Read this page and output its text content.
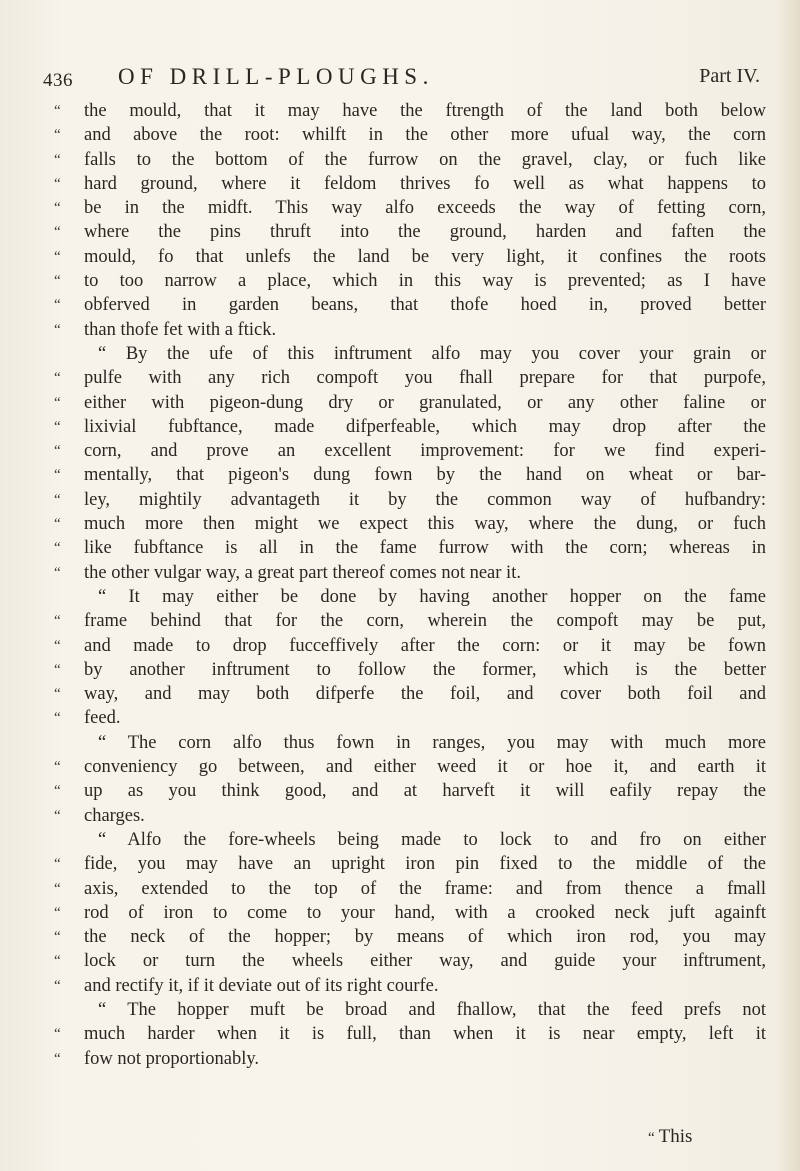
436 OF DRILL-PLOUGHS.	Part IV.
“	the mould, that it may have the ftrength of the land both below
“	and above the root: whilft in the other more ufual way, the corn
“	falls to the bottom of the furrow on the gravel, clay, or fuch like
“	hard ground, where it feldom thrives fo well as what happens to
“	be in the midft. This way alfo exceeds the way of fetting corn,
“	where the pins thruft into the ground, harden and faften the
“	mould, fo that unlefs the land be very light, it confines the roots
“	to too narrow a place, which in this way is prevented; as I have
“	obferved in garden beans, that thofe hoed in, proved better
“	than thofe fet with a ftick.
“ By the ufe of this inftrument alfo may you cover your grain or
“	pulfe with any rich compoft you fhall prepare for that purpofe,
“	either with pigeon-dung dry or granulated, or any other faline or
“	lixivial fubftance, made difperfeable, which may drop after the
“	corn, and prove an excellent improvement: for we find experi-
“	mentally, that pigeon's dung fown by the hand on wheat or bar-
“	ley, mightily advantageth it by the common way of hufbandry:
“	much more then might we expect this way, where the dung, or fuch
“	like fubftance is all in the fame furrow with the corn; whereas in
“	the other vulgar way, a great part thereof comes not near it.
“ It may either be done by having another hopper on the fame
“	frame behind that for the corn, wherein the compoft may be put,
“	and made to drop fucceffively after the corn: or it may be fown
“	by another inftrument to follow the former, which is the better
“	way, and may both difperfe the foil, and cover both foil and
“	feed.
“ The corn alfo thus fown in ranges, you may with much more
“	conveniency go between, and either weed it or hoe it, and earth it
“	up as you think good, and at harveft it will eafily repay the
“	charges.
“ Alfo the fore-wheels being made to lock to and fro on either
“	fide, you may have an upright iron pin fixed to the middle of the
“	axis, extended to the top of the frame: and from thence a fmall
“	rod of iron to come to your hand, with a crooked neck juft againft
“	the neck of the hopper; by means of which iron rod, you may
“	lock or turn the wheels either way, and guide your inftrument,
“	and rectify it, if it deviate out of its right courfe.
“ The hopper muft be broad and fhallow, that the feed prefs not
“	much harder when it is full, than when it is near empty, left it
“	fow not proportionably.
“ This
